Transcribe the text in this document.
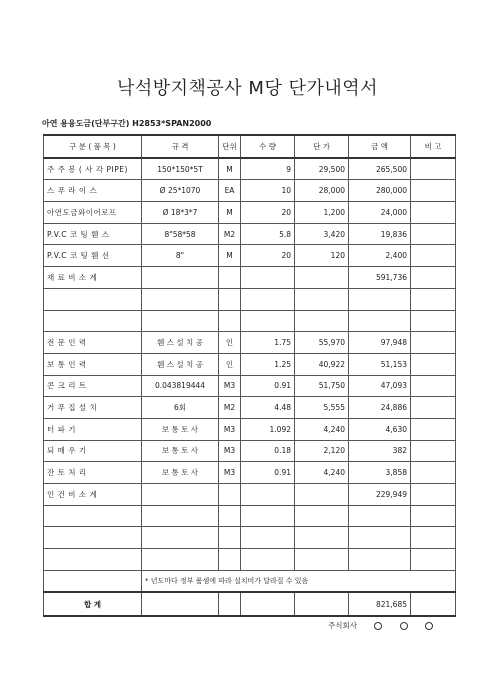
낙석방지책공사 M당 단가내역서
아연 용융도금(단부구간) H2853*SPAN2000
구 분 ( 품 목 )	규 격	단위	수 량	단 가	금 액	비 고
주 주 봉 ( 사 각 PIPE)	150*150*5T	M	9	29,500	265,500	
스 푸 라 이 스	Ø 25*1070	EA	10	28,000	280,000	
아연도금와이어로프	Ø 18*3*7	M	20	1,200	24,000	
P.V.C 코 팅 휀 스	8"58*58	M2	5.8	3,420	19,836	
P.V.C 코 팅 휀 선	8"	M	20	120	2,400	
재 료 비 소 계					591,736	

전 문 인 력	휀 스 설 치 공	인	1.75	55,970	97,948	
보 통 인 력	휀 스 설 치 공	인	1.25	40,922	51,153	
콘 크 리 트	0.043819444	M3	0.91	51,750	47,093	
거 푸 집 설 치	6회	M2	4.48	5,555	24,886	
터 파 기	보 통 토 사	M3	1.092	4,240	4,630	
되 메 우 기	보 통 토 사	M3	0.18	2,120	382	
잔 토 처 리	보 통 토 사	M3	0.91	4,240	3,858	
인 건 비 소 계					229,949	

	* 년도마다 정부 품셈에 따라 설치비가 달라질 수 있음					
합 계					821,685	
주식회사
